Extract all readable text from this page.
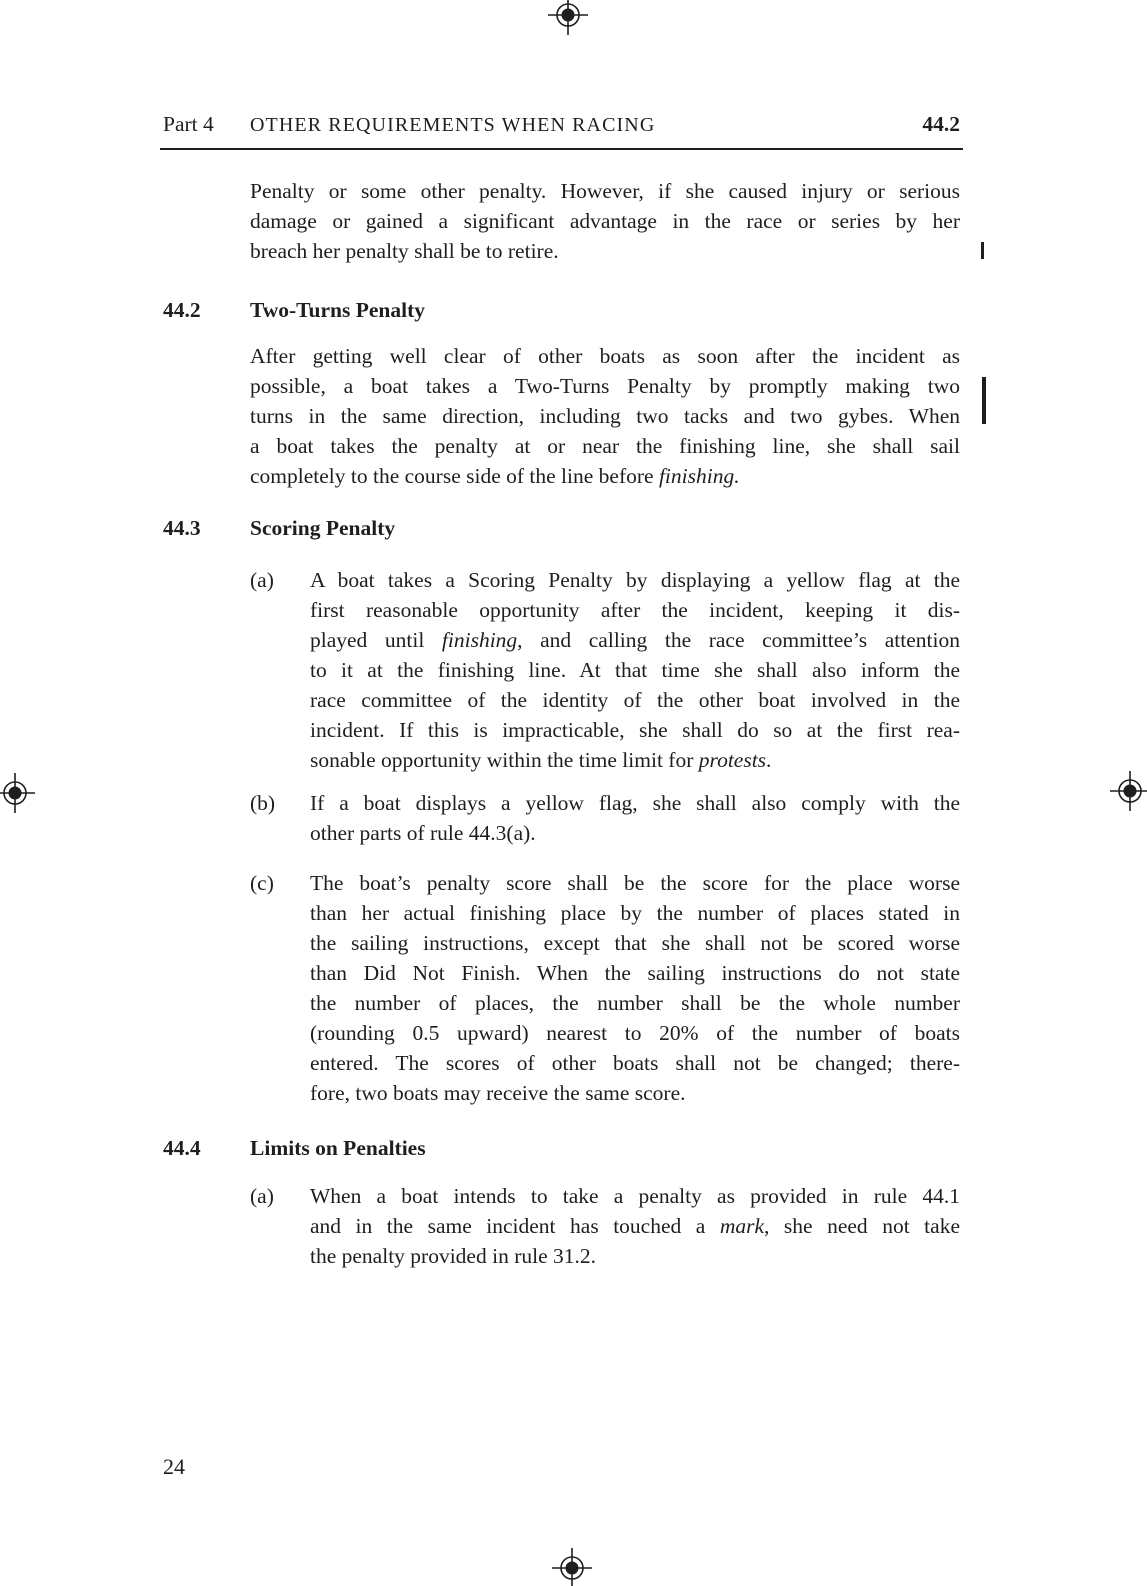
Part 4 OTHER REQUIREMENTS WHEN RACING	44.2
Penalty or some other penalty. However, if she caused injury or serious
damage or gained a significant advantage in the race or series by her
breach her penalty shall be to retire.
44.2 Two-Turns Penalty
After getting well clear of other boats as soon after the incident as
possible, a boat takes a Two-Turns Penalty by promptly making two
turns in the same direction, including two tacks and two gybes. When
a boat takes the penalty at or near the finishing line, she shall sail
completely to the course side of the line before finishing.
44.3 Scoring Penalty
(a) A boat takes a Scoring Penalty by displaying a yellow flag at the
first reasonable opportunity after the incident, keeping it dis-
played until finishing, and calling the race committee’s attention
to it at the finishing line. At that time she shall also inform the
race committee of the identity of the other boat involved in the
incident. If this is impracticable, she shall do so at the first rea-
sonable opportunity within the time limit for protests.
(b) If a boat displays a yellow flag, she shall also comply with the
other parts of rule 44.3(a).
(c) The boat’s penalty score shall be the score for the place worse
than her actual finishing place by the number of places stated in
the sailing instructions, except that she shall not be scored worse
than Did Not Finish. When the sailing instructions do not state
the number of places, the number shall be the whole number
(rounding 0.5 upward) nearest to 20% of the number of boats
entered. The scores of other boats shall not be changed; there-
fore, two boats may receive the same score.
44.4 Limits on Penalties
(a) When a boat intends to take a penalty as provided in rule 44.1
and in the same incident has touched a mark, she need not take
the penalty provided in rule 31.2.
24
